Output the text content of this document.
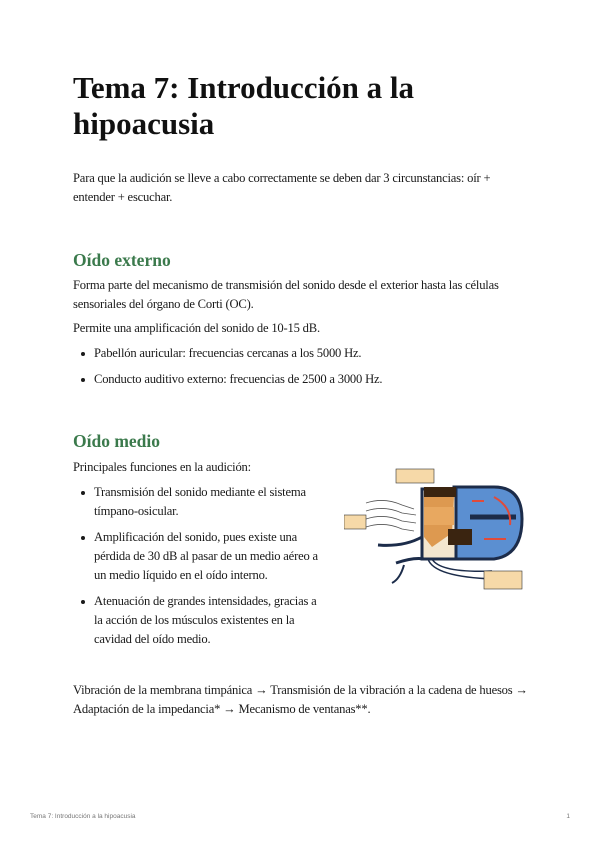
Tema 7: Introducción a la hipoacusia

Para que la audición se lleve a cabo correctamente se deben dar 3 circunstancias: oír + entender + escuchar.

Oído externo

Forma parte del mecanismo de transmisión del sonido desde el exterior hasta las células sensoriales del órgano de Corti (OC).

Permite una amplificación del sonido de 10-15 dB.

Pabellón auricular: frecuencias cercanas a los 5000 Hz.
Conducto auditivo externo: frecuencias de 2500 a 3000 Hz.
Oído medio

Principales funciones en la audición:

Transmisión del sonido mediante el sistema tímpano-osicular.
Amplificación del sonido, pues existe una pérdida de 30 dB al pasar de un medio aéreo a un medio líquido en el oído interno.
Atenuación de grandes intensidades, gracias a la acción de los músculos existentes en la cavidad del oído medio.

Vibración de la membrana timpánica → Transmisión de la vibración a la cadena de huesos → Adaptación de la impedancia* → Mecanismo de ventanas**.

Tema 7: Introducción a la hipoacusia	1
